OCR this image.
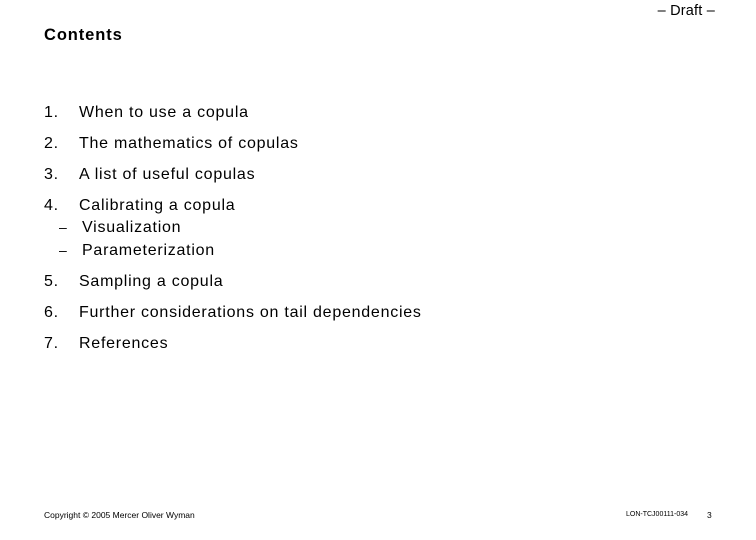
– Draft –
Contents
1.	When to use a copula
2.	The mathematics of copulas
3.	A list of useful copulas
4.	Calibrating a copula
– Visualization
– Parameterization
5.	Sampling a copula
6.	Further considerations on tail dependencies
7.	References
Copyright © 2005 Mercer Oliver Wyman	LON-TCJ00111-034 3
